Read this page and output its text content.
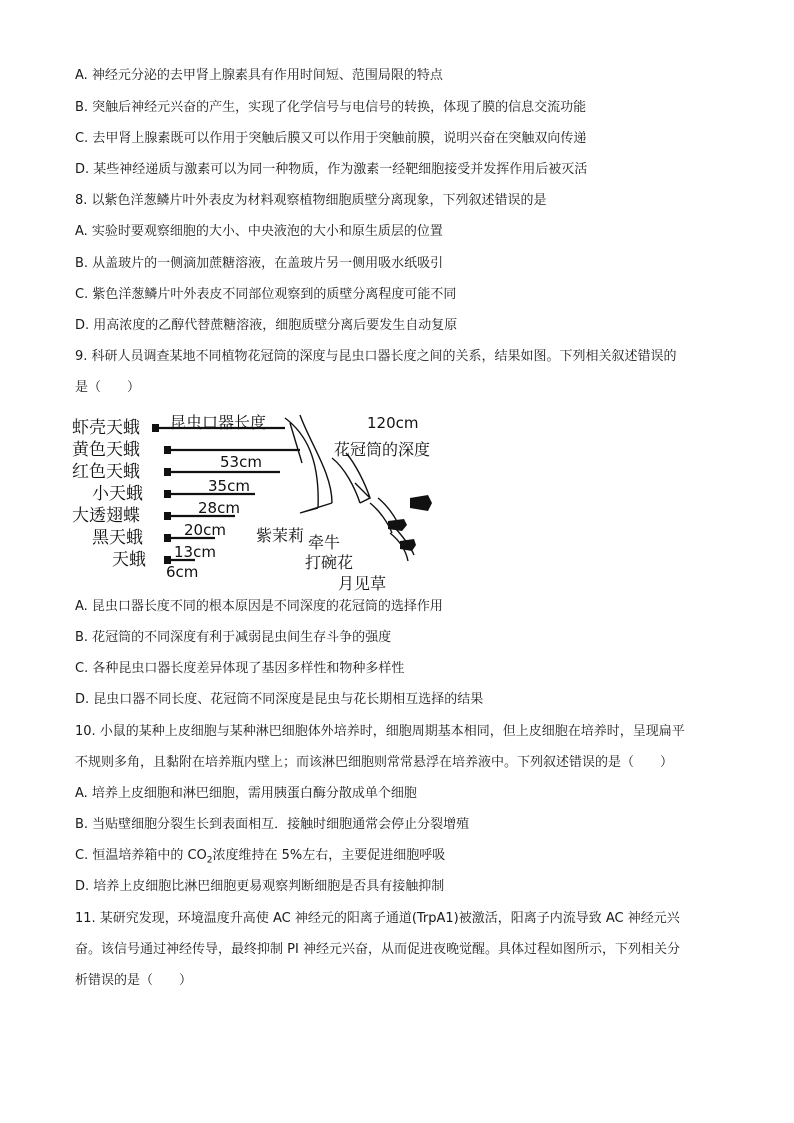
A. 神经元分泌的去甲肾上腺素具有作用时间短、范围局限的特点
B. 突触后神经元兴奋的产生，实现了化学信号与电信号的转换，体现了膜的信息交流功能
C. 去甲肾上腺素既可以作用于突触后膜又可以作用于突触前膜，说明兴奋在突触双向传递
D. 某些神经递质与激素可以为同一种物质，作为激素一经靶细胞接受并发挥作用后被灭活
8. 以紫色洋葱鳞片叶外表皮为材料观察植物细胞质壁分离现象，下列叙述错误的是
A. 实验时要观察细胞的大小、中央液泡的大小和原生质层的位置
B. 从盖玻片的一侧滴加蔗糖溶液，在盖玻片另一侧用吸水纸吸引
C. 紫色洋葱鳞片叶外表皮不同部位观察到的质壁分离程度可能不同
D. 用高浓度的乙醇代替蔗糖溶液，细胞质壁分离后要发生自动复原
9. 科研人员调查某地不同植物花冠筒的深度与昆虫口器长度之间的关系，结果如图。下列相关叙述错误的
是（　　）
虾壳天蛾
黄色天蛾
红色天蛾
小天蛾
大透翅蝶
黑天蛾
天蛾
昆虫口器长度	120cm
53cm
35cm
28cm
20cm
13cm
6cm
花冠筒的深度
紫茉莉 牵牛
打碗花
月见草
A. 昆虫口器长度不同的根本原因是不同深度的花冠筒的选择作用
B. 花冠筒的不同深度有利于减弱昆虫间生存斗争的强度
C. 各种昆虫口器长度差异体现了基因多样性和物种多样性
D. 昆虫口器不同长度、花冠筒不同深度是昆虫与花长期相互选择的结果
10. 小鼠的某种上皮细胞与某种淋巴细胞体外培养时，细胞周期基本相同，但上皮细胞在培养时，呈现扁平
不规则多角，且黏附在培养瓶内壁上；而该淋巴细胞则常常悬浮在培养液中。下列叙述错误的是（　　）
A. 培养上皮细胞和淋巴细胞，需用胰蛋白酶分散成单个细胞
B. 当贴壁细胞分裂生长到表面相互．接触时细胞通常会停止分裂增殖
C. 恒温培养箱中的 $CO_2$浓度维持在 5%左右，主要促进细胞呼吸
D. 培养上皮细胞比淋巴细胞更易观察判断细胞是否具有接触抑制
11. 某研究发现，环境温度升高使 AC 神经元的阳离子通道(TrpA1)被激活，阳离子内流导致 AC 神经元兴
奋。该信号通过神经传导，最终抑制 PI 神经元兴奋，从而促进夜晚觉醒。具体过程如图所示，下列相关分
析错误的是（　　）
